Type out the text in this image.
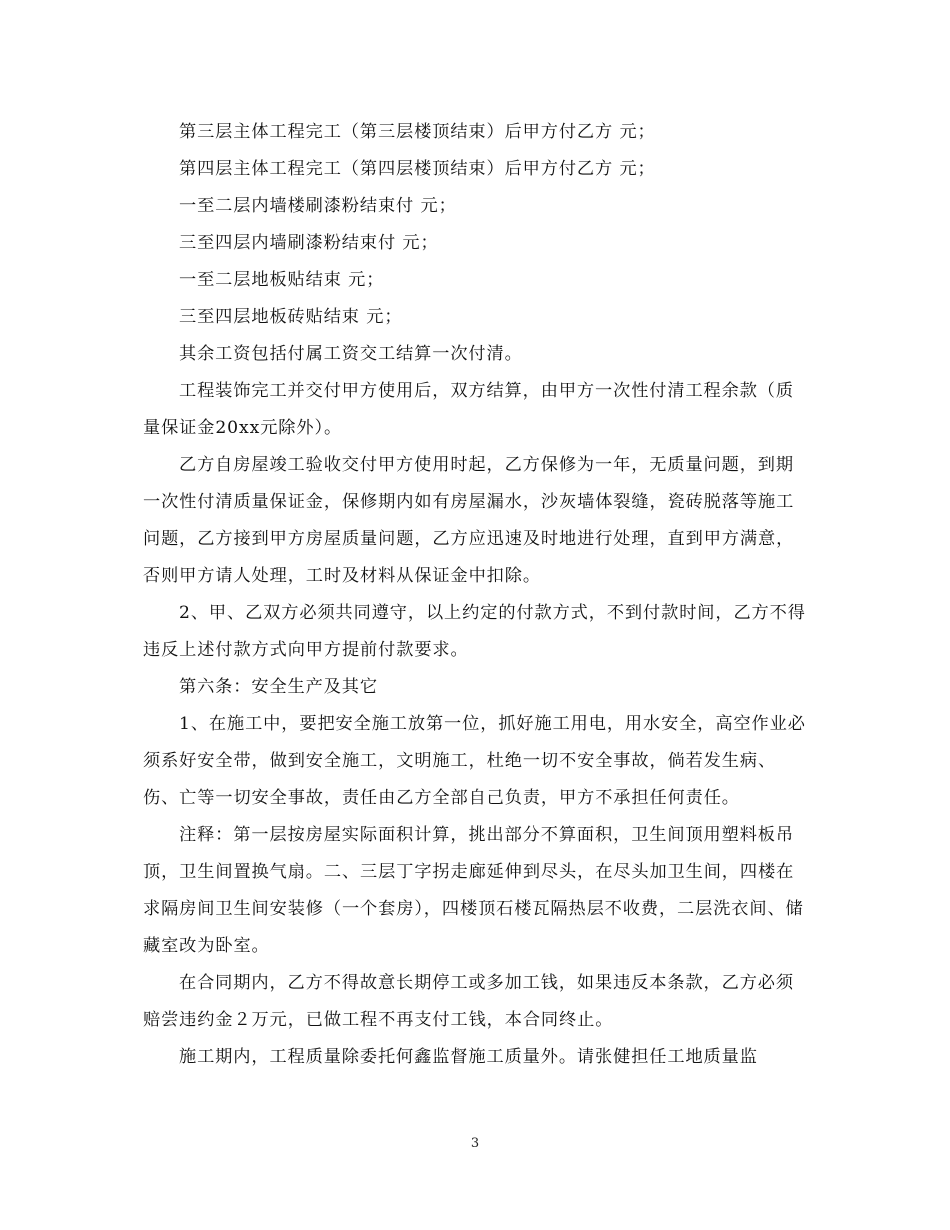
第三层主体工程完工（第三层楼顶结束）后甲方付乙方 元；

第四层主体工程完工（第四层楼顶结束）后甲方付乙方 元；

一至二层内墙楼刷漆粉结束付 元；

三至四层内墙刷漆粉结束付 元；

一至二层地板贴结束 元；

三至四层地板砖贴结束 元；

其余工资包括付属工资交工结算一次付清。

工程装饰完工并交付甲方使用后，双方结算，由甲方一次性付清工程余款（质量保证金20xx元除外）。

乙方自房屋竣工验收交付甲方使用时起，乙方保修为一年，无质量问题，到期一次性付清质量保证金，保修期内如有房屋漏水，沙灰墙体裂缝，瓷砖脱落等施工问题，乙方接到甲方房屋质量问题，乙方应迅速及时地进行处理，直到甲方满意，否则甲方请人处理，工时及材料从保证金中扣除。

2、甲、乙双方必须共同遵守，以上约定的付款方式，不到付款时间，乙方不得违反上述付款方式向甲方提前付款要求。

第六条：安全生产及其它

1、在施工中，要把安全施工放第一位，抓好施工用电，用水安全，高空作业必须系好安全带，做到安全施工，文明施工，杜绝一切不安全事故，倘若发生病、伤、亡等一切安全事故，责任由乙方全部自己负责，甲方不承担任何责任。

注释：第一层按房屋实际面积计算，挑出部分不算面积，卫生间顶用塑料板吊顶，卫生间置换气扇。二、三层丁字拐走廊延伸到尽头，在尽头加卫生间，四楼在求隔房间卫生间安装修（一个套房），四楼顶石楼瓦隔热层不收费，二层洗衣间、储藏室改为卧室。

在合同期内，乙方不得故意长期停工或多加工钱，如果违反本条款，乙方必须赔尝违约金２万元，已做工程不再支付工钱，本合同终止。

施工期内，工程质量除委托何鑫监督施工质量外。请张健担任工地质量监

3
